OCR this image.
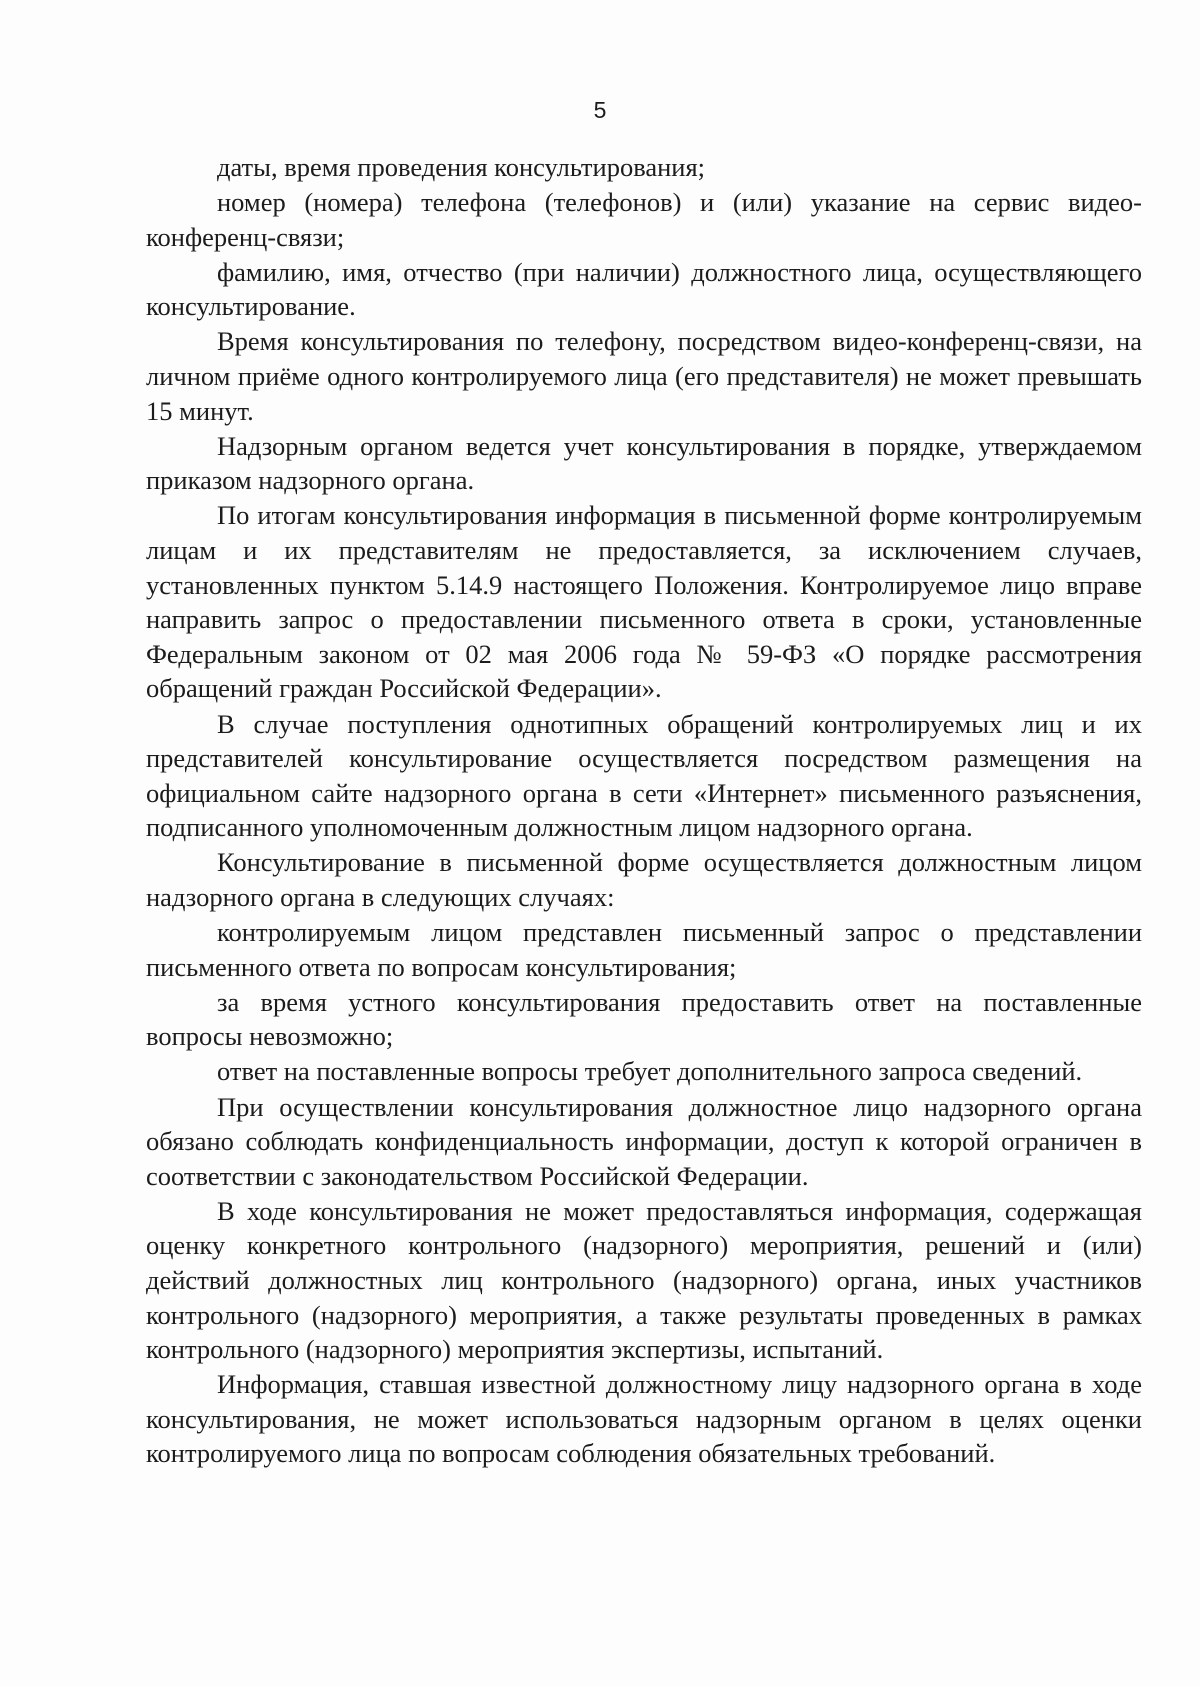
5

даты, время проведения консультирования;

номер (номера) телефона (телефонов) и (или) указание на сервис видео-конференц-связи;

фамилию, имя, отчество (при наличии) должностного лица, осуществляющего консультирование.

Время консультирования по телефону, посредством видео-конференц-связи, на личном приёме одного контролируемого лица (его представителя) не может превышать 15 минут.

Надзорным органом ведется учет консультирования в порядке, утверждаемом приказом надзорного органа.

По итогам консультирования информация в письменной форме контролируемым лицам и их представителям не предоставляется, за исключением случаев, установленных пунктом 5.14.9 настоящего Положения. Контролируемое лицо вправе направить запрос о предоставлении письменного ответа в сроки, установленные Федеральным законом от 02 мая 2006 года № 59-ФЗ «О порядке рассмотрения обращений граждан Российской Федерации».

В случае поступления однотипных обращений контролируемых лиц и их представителей консультирование осуществляется посредством размещения на официальном сайте надзорного органа в сети «Интернет» письменного разъяснения, подписанного уполномоченным должностным лицом надзорного органа.

Консультирование в письменной форме осуществляется должностным лицом надзорного органа в следующих случаях:

контролируемым лицом представлен письменный запрос о представлении письменного ответа по вопросам консультирования;

за время устного консультирования предоставить ответ на поставленные вопросы невозможно;

ответ на поставленные вопросы требует дополнительного запроса сведений.

При осуществлении консультирования должностное лицо надзорного органа обязано соблюдать конфиденциальность информации, доступ к которой ограничен в соответствии с законодательством Российской Федерации.

В ходе консультирования не может предоставляться информация, содержащая оценку конкретного контрольного (надзорного) мероприятия, решений и (или) действий должностных лиц контрольного (надзорного) органа, иных участников контрольного (надзорного) мероприятия, а также результаты проведенных в рамках контрольного (надзорного) мероприятия экспертизы, испытаний.

Информация, ставшая известной должностному лицу надзорного органа в ходе консультирования, не может использоваться надзорным органом в целях оценки контролируемого лица по вопросам соблюдения обязательных требований.
